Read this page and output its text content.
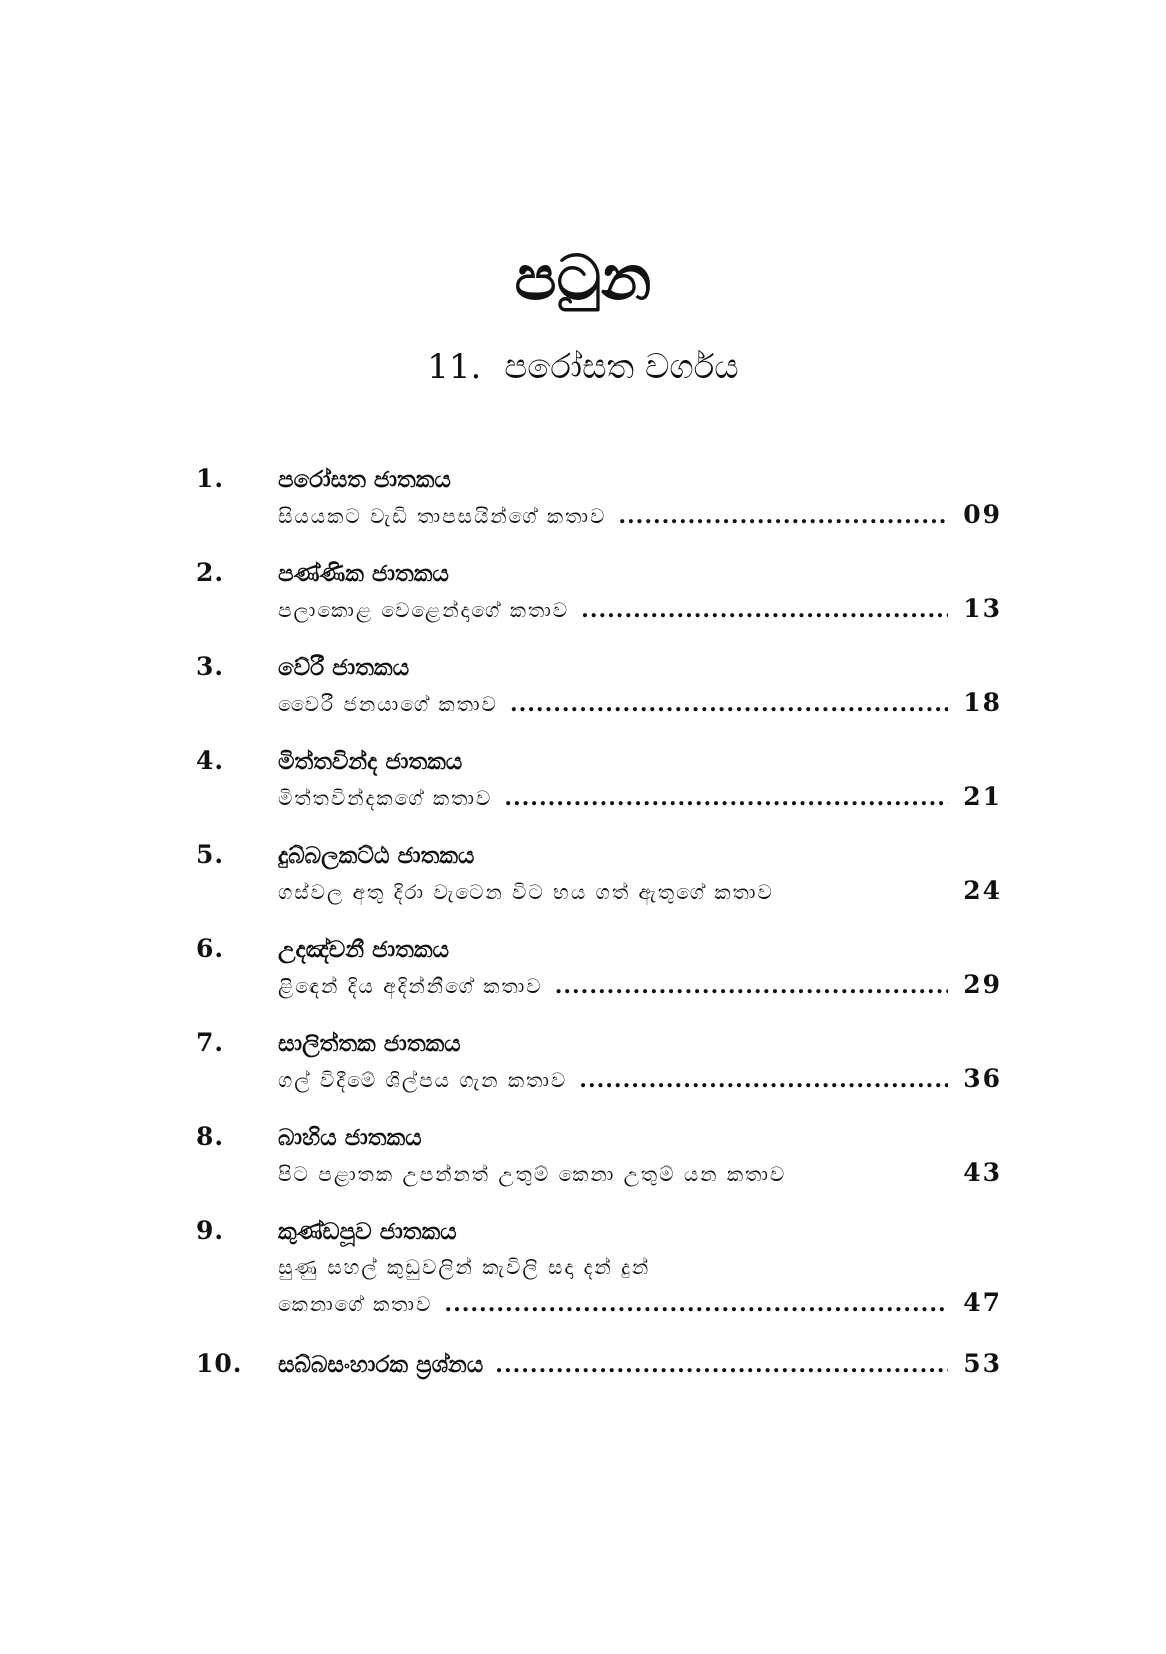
පටුන
11. පරෝසත වර්ගය
1.	පරෝසත ජාතකය
සියයකට වැඩි තාපසයින්ගේ කතාව .....	09
2.	පණ්ණික ජාතකය
පලාකොළ වෙළෙන්දාගේ කතාව .....	13
3.	වේරී ජාතකය
වෛරී ජනයාගේ කතාව .....	18
4.	මිත්තවින්ද ජාතකය
මිත්තවින්දකගේ කතාව .....	21
5.	දුබ්බලකට්ඨ ජාතකය
ගස්වල අතු දිරා වැටෙන විට භය ගත් ඇතුගේ කතාව	24
6.	උදඤ්චනී ජාතකය
ළිඳෙන් දිය අදින්නීගේ කතාව .....	29
7.	සාලිත්තක ජාතකය
ගල් විදීමේ ශිල්පය ගැන කතාව .....	36
8.	බාහිය ජාතකය
පිට පළාතක උපන්නත් උතුම් කෙනා උතුම් යන කතාව	43
9.	කුණ්ඩපූව ජාතකය
සුණු සහල් කුඩුවලින් කැවිලි සදා දන් දුන්
කෙනාගේ කතාව .....	47
10.	සබ්බසංහාරක ප්‍රශ්නය .....	53
